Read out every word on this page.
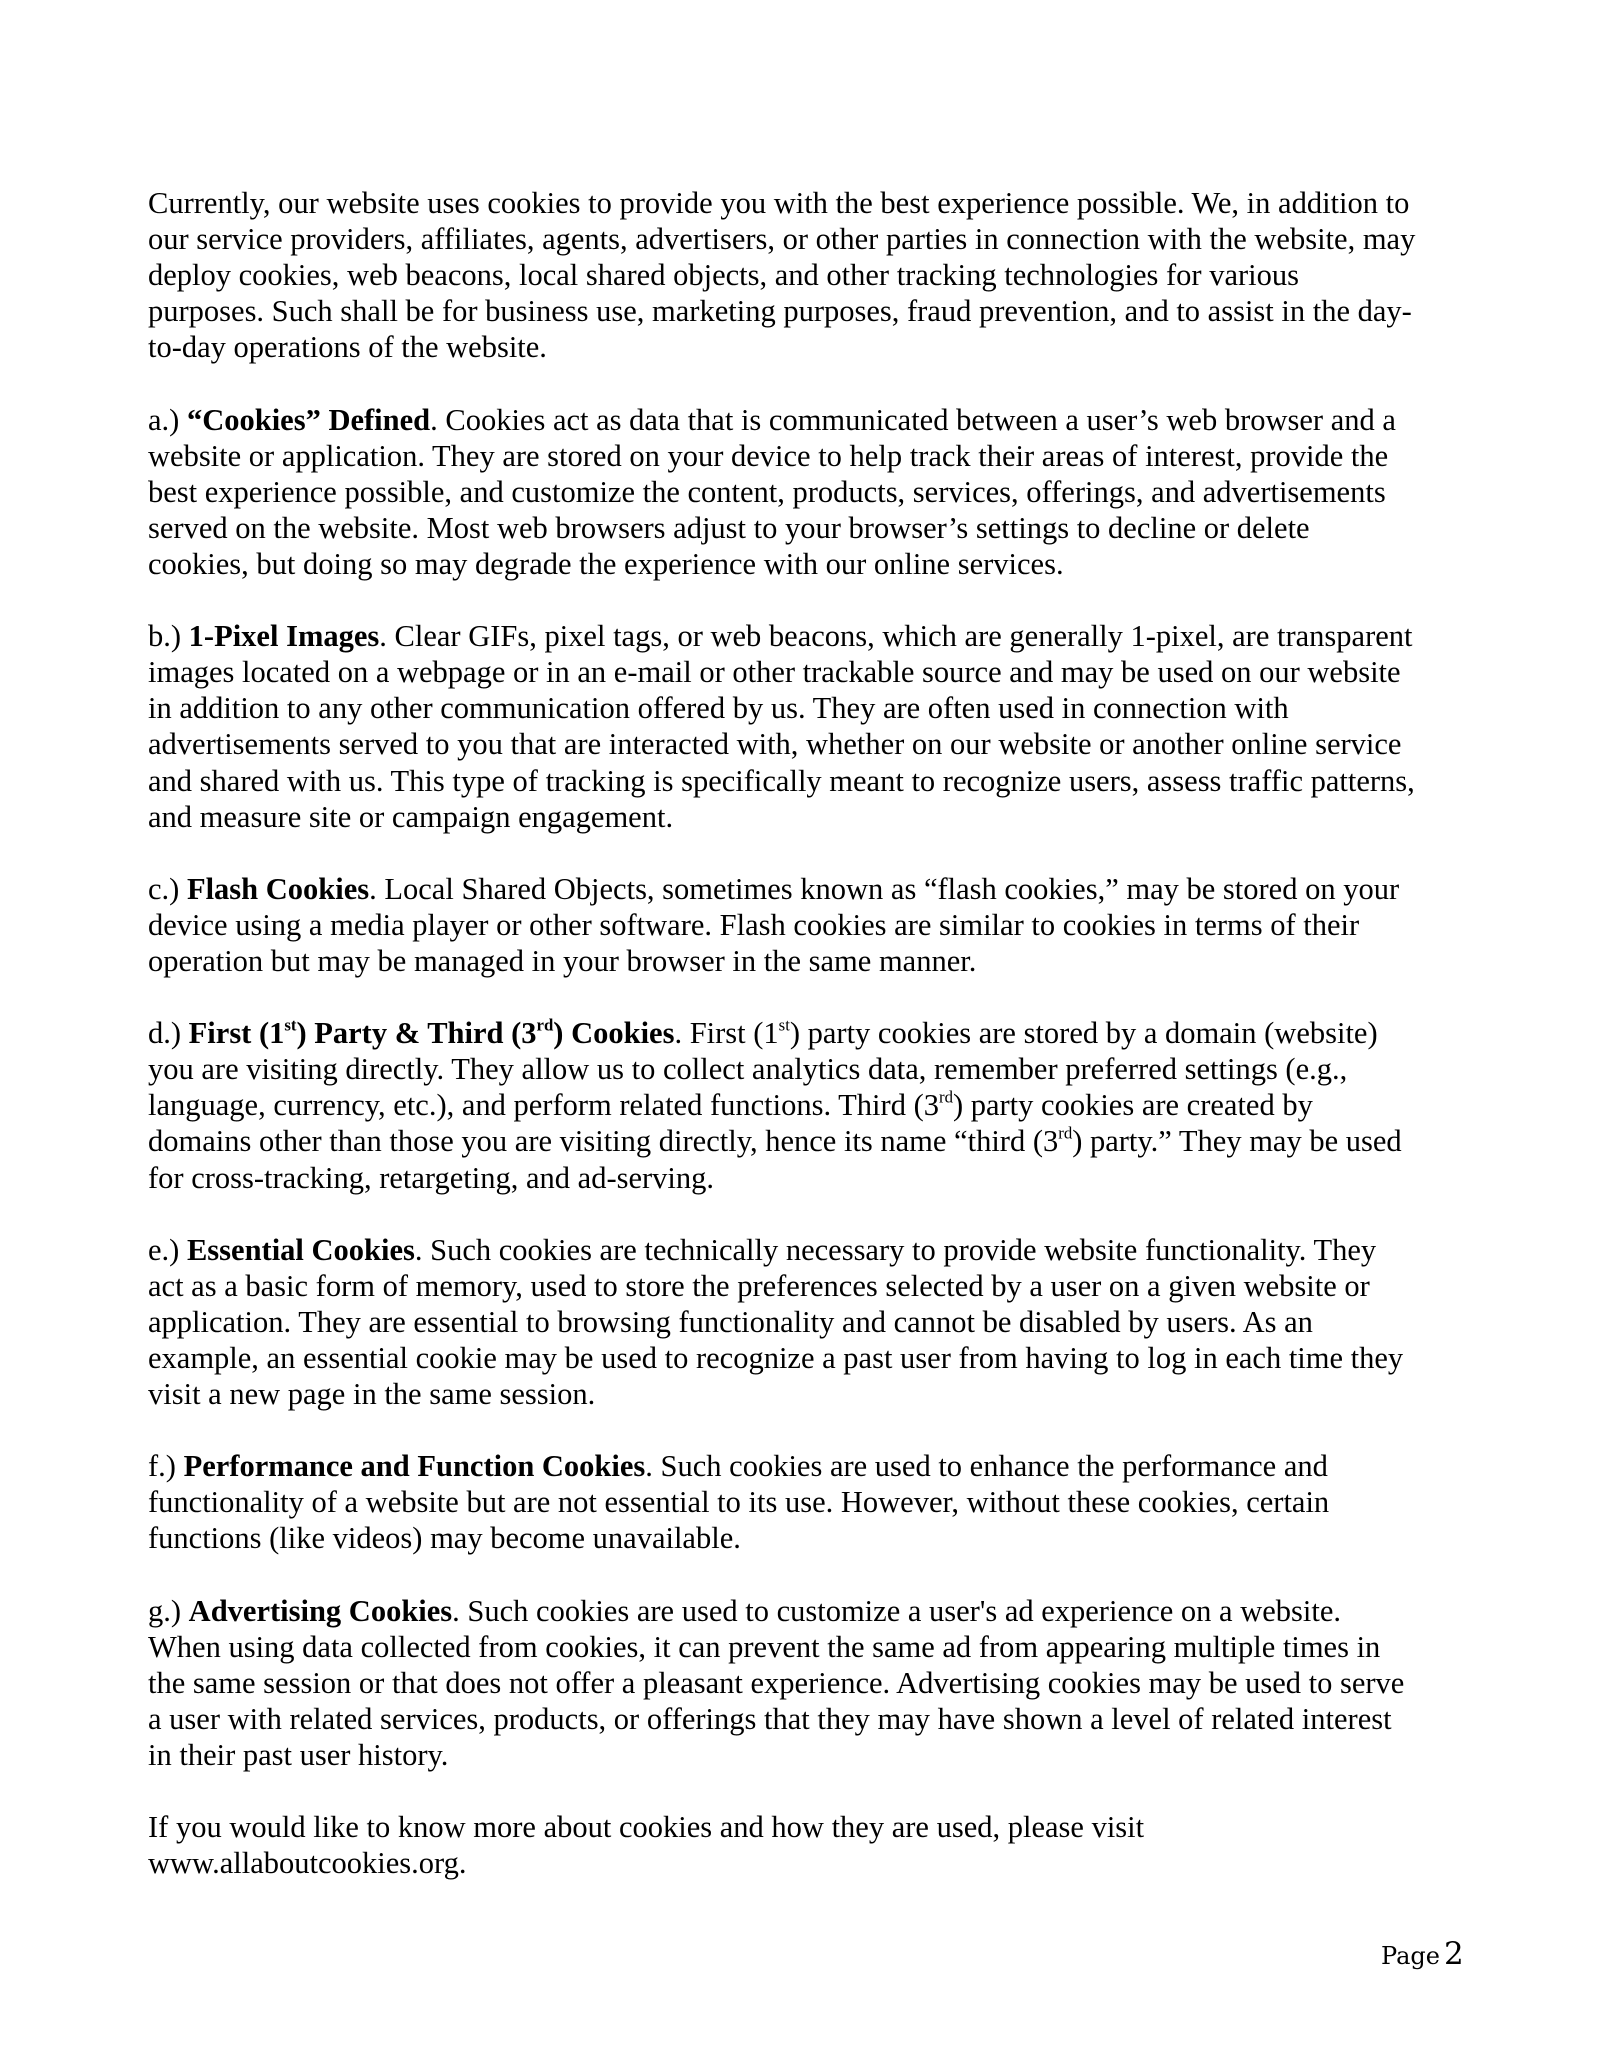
Currently, our website uses cookies to provide you with the best experience possible. We, in addition to
our service providers, affiliates, agents, advertisers, or other parties in connection with the website, may
deploy cookies, web beacons, local shared objects, and other tracking technologies for various
purposes. Such shall be for business use, marketing purposes, fraud prevention, and to assist in the day-
to-day operations of the website.
a.) “Cookies” Defined. Cookies act as data that is communicated between a user’s web browser and a
website or application. They are stored on your device to help track their areas of interest, provide the
best experience possible, and customize the content, products, services, offerings, and advertisements
served on the website. Most web browsers adjust to your browser’s settings to decline or delete
cookies, but doing so may degrade the experience with our online services.
b.) 1-Pixel Images. Clear GIFs, pixel tags, or web beacons, which are generally 1-pixel, are transparent
images located on a webpage or in an e-mail or other trackable source and may be used on our website
in addition to any other communication offered by us. They are often used in connection with
advertisements served to you that are interacted with, whether on our website or another online service
and shared with us. This type of tracking is specifically meant to recognize users, assess traffic patterns,
and measure site or campaign engagement.
c.) Flash Cookies. Local Shared Objects, sometimes known as “flash cookies,” may be stored on your
device using a media player or other software. Flash cookies are similar to cookies in terms of their
operation but may be managed in your browser in the same manner.
d.) First (1st) Party & Third (3rd) Cookies. First (1st) party cookies are stored by a domain (website)
you are visiting directly. They allow us to collect analytics data, remember preferred settings (e.g.,
language, currency, etc.), and perform related functions. Third (3rd) party cookies are created by
domains other than those you are visiting directly, hence its name “third (3rd) party.” They may be used
for cross-tracking, retargeting, and ad-serving.
e.) Essential Cookies. Such cookies are technically necessary to provide website functionality. They
act as a basic form of memory, used to store the preferences selected by a user on a given website or
application. They are essential to browsing functionality and cannot be disabled by users. As an
example, an essential cookie may be used to recognize a past user from having to log in each time they
visit a new page in the same session.
f.) Performance and Function Cookies. Such cookies are used to enhance the performance and
functionality of a website but are not essential to its use. However, without these cookies, certain
functions (like videos) may become unavailable.
g.) Advertising Cookies. Such cookies are used to customize a user's ad experience on a website.
When using data collected from cookies, it can prevent the same ad from appearing multiple times in
the same session or that does not offer a pleasant experience. Advertising cookies may be used to serve
a user with related services, products, or offerings that they may have shown a level of related interest
in their past user history.
If you would like to know more about cookies and how they are used, please visit
www.allaboutcookies.org.
Page 2
